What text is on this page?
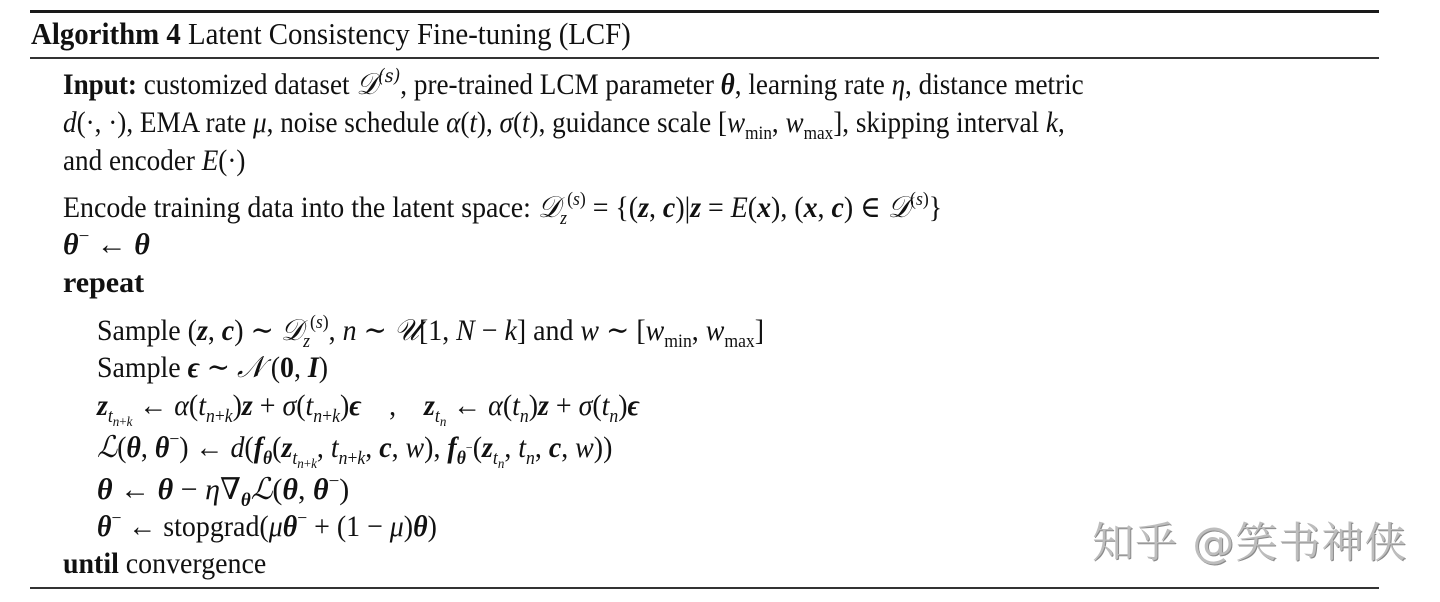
Algorithm 4 Latent Consistency Fine-tuning (LCF)
Input: customized dataset 𝒟$^{(s)}$, pre-trained LCM parameter θ, learning rate η, distance metric
d(·, ·), EMA rate μ, noise schedule α(t), σ(t), guidance scale [$w_{min}$, $w_{max}$], skipping interval k,
and encoder E(·)
Encode training data into the latent space: 𝒟$_z^{(s)}$ = {(z, c)|z = E(x), (x, c) ∈ 𝒟$^{(s)}$}
θ− ← θ
repeat
Sample (z, c) ∼ 𝒟$_z^{(s)}$, n ∼ 𝒰[1, N − k] and w ∼ [$w_{min}$, $w_{max}$]
Sample ϵ ∼ 𝒩 (0, I)
$z_{t_{n+k}}$ ← $\alpha(t_{n+k})z + \sigma(t_{n+k})\epsilon$    ,    $z_{t_n}$ ← $\alpha(t_n)z + \sigma(t_n)\epsilon$
ℒ(θ, θ−) ← $d(f_\theta(z_{t_{n+k}}$, $t_{n+k}$, c, w), $f_{\theta^-}(z_{t_n}$, $t_n$, c, w))
θ ← $\theta - \eta\nabla_\theta ℒ(\theta$, θ−)
θ− ← stopgrad(μθ− + (1 − μ)θ)
until convergence	知乎 @笑书神侠
